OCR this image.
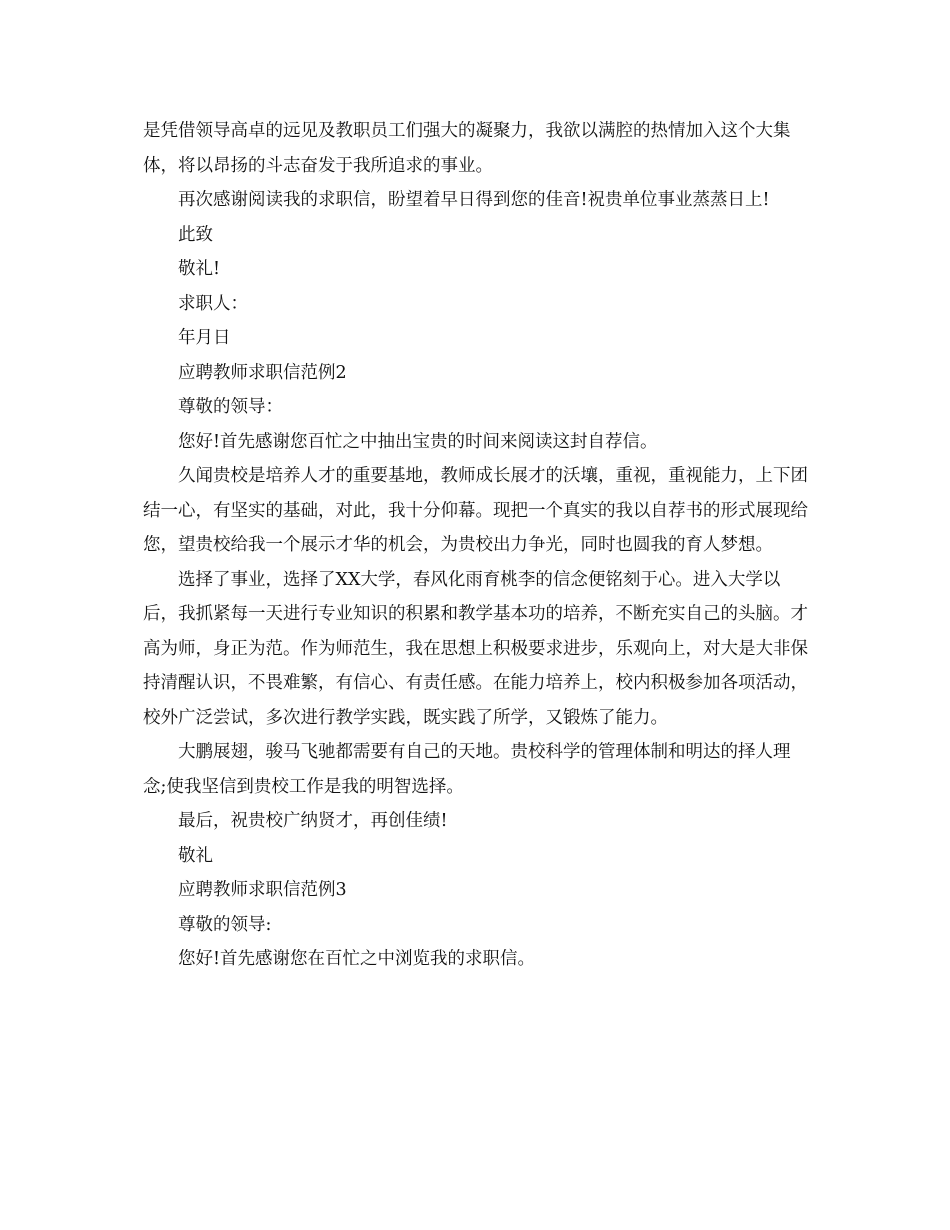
是凭借领导高卓的远见及教职员工们强大的凝聚力，我欲以满腔的热情加入这个大集体，将以昂扬的斗志奋发于我所追求的事业。

再次感谢阅读我的求职信，盼望着早日得到您的佳音!祝贵单位事业蒸蒸日上!

此致

敬礼!

求职人：

年月日

应聘教师求职信范例2

尊敬的领导：

您好!首先感谢您百忙之中抽出宝贵的时间来阅读这封自荐信。

久闻贵校是培养人才的重要基地，教师成长展才的沃壤，重视，重视能力，上下团结一心，有坚实的基础，对此，我十分仰幕。现把一个真实的我以自荐书的形式展现给您，望贵校给我一个展示才华的机会，为贵校出力争光，同时也圆我的育人梦想。

选择了事业，选择了XX大学，春风化雨育桃李的信念便铭刻于心。进入大学以后，我抓紧每一天进行专业知识的积累和教学基本功的培养，不断充实自己的头脑。才高为师，身正为范。作为师范生，我在思想上积极要求进步，乐观向上，对大是大非保持清醒认识，不畏难繁，有信心、有责任感。在能力培养上，校内积极参加各项活动，校外广泛尝试，多次进行教学实践，既实践了所学，又锻炼了能力。

大鹏展翅，骏马飞驰都需要有自己的天地。贵校科学的管理体制和明达的择人理念;使我坚信到贵校工作是我的明智选择。

最后，祝贵校广纳贤才，再创佳绩!

敬礼

应聘教师求职信范例3

尊敬的领导:

您好!首先感谢您在百忙之中浏览我的求职信。
